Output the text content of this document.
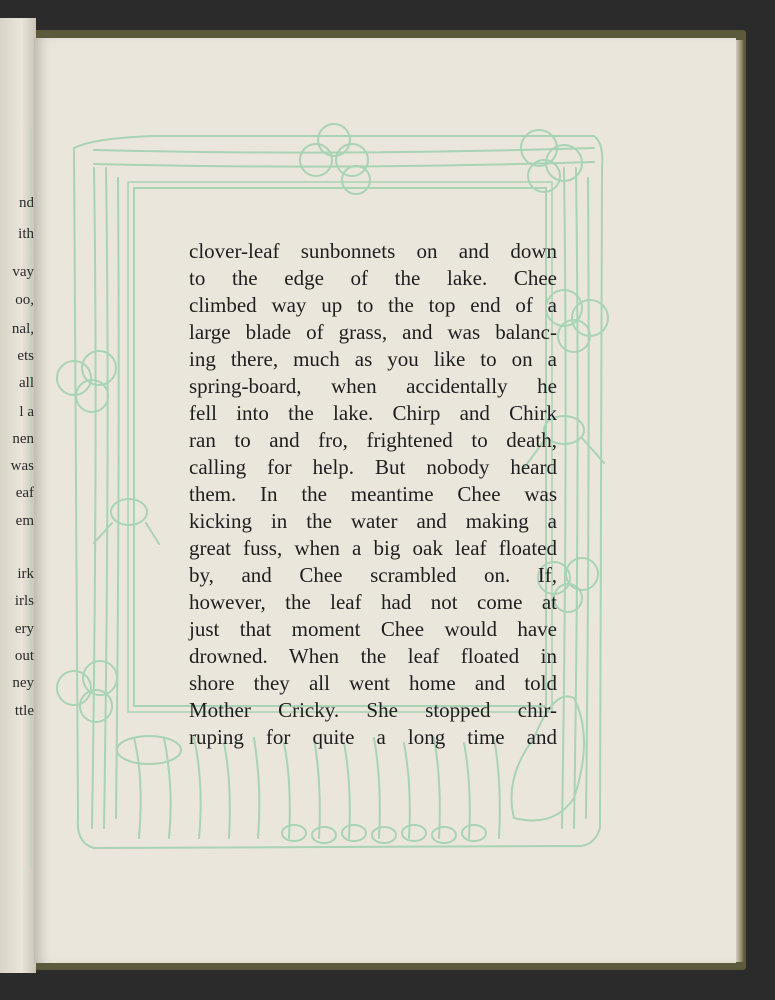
nd
ith
vay
oo,
nal,
ets
all
l a
nen
was
eaf
em
irk
irls
ery
out
ney
ttle
clover-leaf sunbonnets on and down
to the edge of the lake. Chee
climbed way up to the top end of a
large blade of grass, and was balanc-
ing there, much as you like to on a
spring-board, when accidentally he
fell into the lake. Chirp and Chirk
ran to and fro, frightened to death,
calling for help. But nobody heard
them. In the meantime Chee was
kicking in the water and making a
great fuss, when a big oak leaf floated
by, and Chee scrambled on. If,
however, the leaf had not come at
just that moment Chee would have
drowned. When the leaf floated in
shore they all went home and told
Mother Cricky. She stopped chir-
ruping for quite a long time and
